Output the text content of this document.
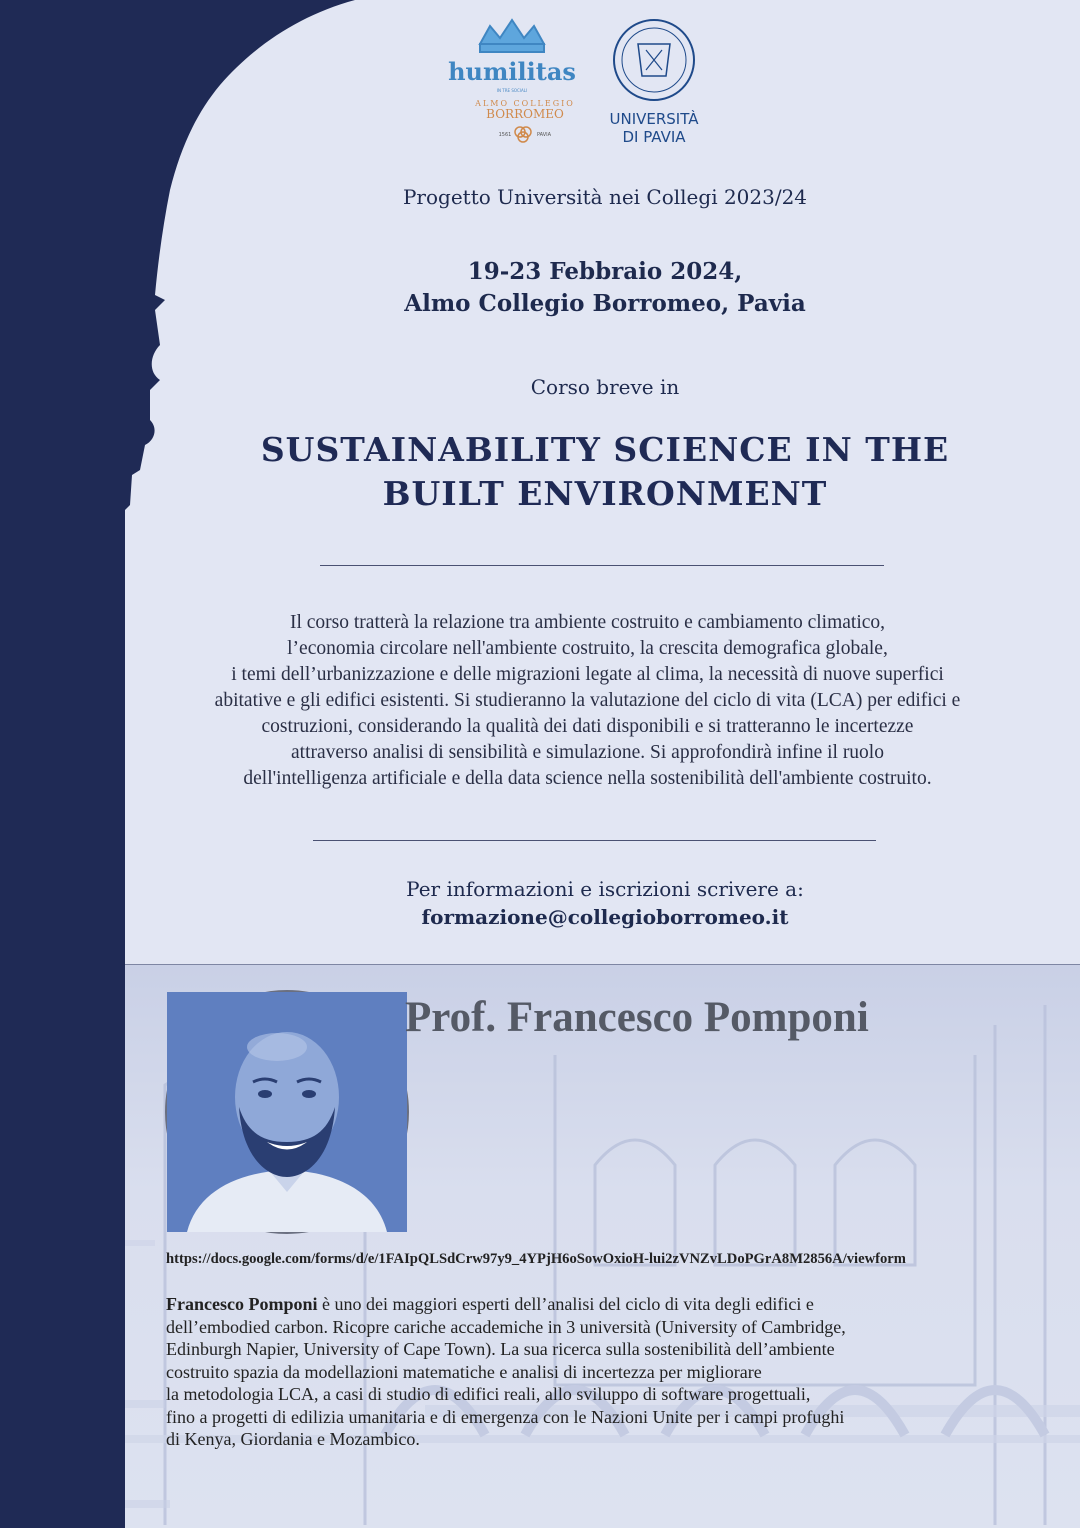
humilitas
IN TRE SOCIALI
ALMO COLLEGIO
BORROMEO
1561	PAVIA
UNIVERSITÀ
DI PAVIA
Progetto Università nei Collegi 2023/24
19-23 Febbraio 2024,
Almo Collegio Borromeo, Pavia
Corso breve in
SUSTAINABILITY SCIENCE IN THE
BUILT ENVIRONMENT
Il corso tratterà la relazione tra ambiente costruito e cambiamento climatico,
l’economia circolare nell'ambiente costruito, la crescita demografica globale,
i temi dell’urbanizzazione e delle migrazioni legate al clima, la necessità di nuove superfici
abitative e gli edifici esistenti. Si studieranno la valutazione del ciclo di vita (LCA) per edifici e
costruzioni, considerando la qualità dei dati disponibili e si tratteranno le incertezze
attraverso analisi di sensibilità e simulazione. Si approfondirà infine il ruolo
dell'intelligenza artificiale e della data science nella sostenibilità dell'ambiente costruito.
Per informazioni e iscrizioni scrivere a:
formazione@collegioborromeo.it
Prof. Francesco Pomponi
https://docs.google.com/forms/d/e/1FAIpQLSdCrw97y9_4YPjH6oSowOxioH-lui2zVNZvLDoPGrA8M2856A/viewform
Francesco Pomponi è uno dei maggiori esperti dell’analisi del ciclo di vita degli edifici e
dell’embodied carbon. Ricopre cariche accademiche in 3 università (University of Cambridge,
Edinburgh Napier, University of Cape Town). La sua ricerca sulla sostenibilità dell’ambiente
costruito spazia da modellazioni matematiche e analisi di incertezza per migliorare
la metodologia LCA, a casi di studio di edifici reali, allo sviluppo di software progettuali,
fino a progetti di edilizia umanitaria e di emergenza con le Nazioni Unite per i campi profughi
di Kenya, Giordania e Mozambico.
